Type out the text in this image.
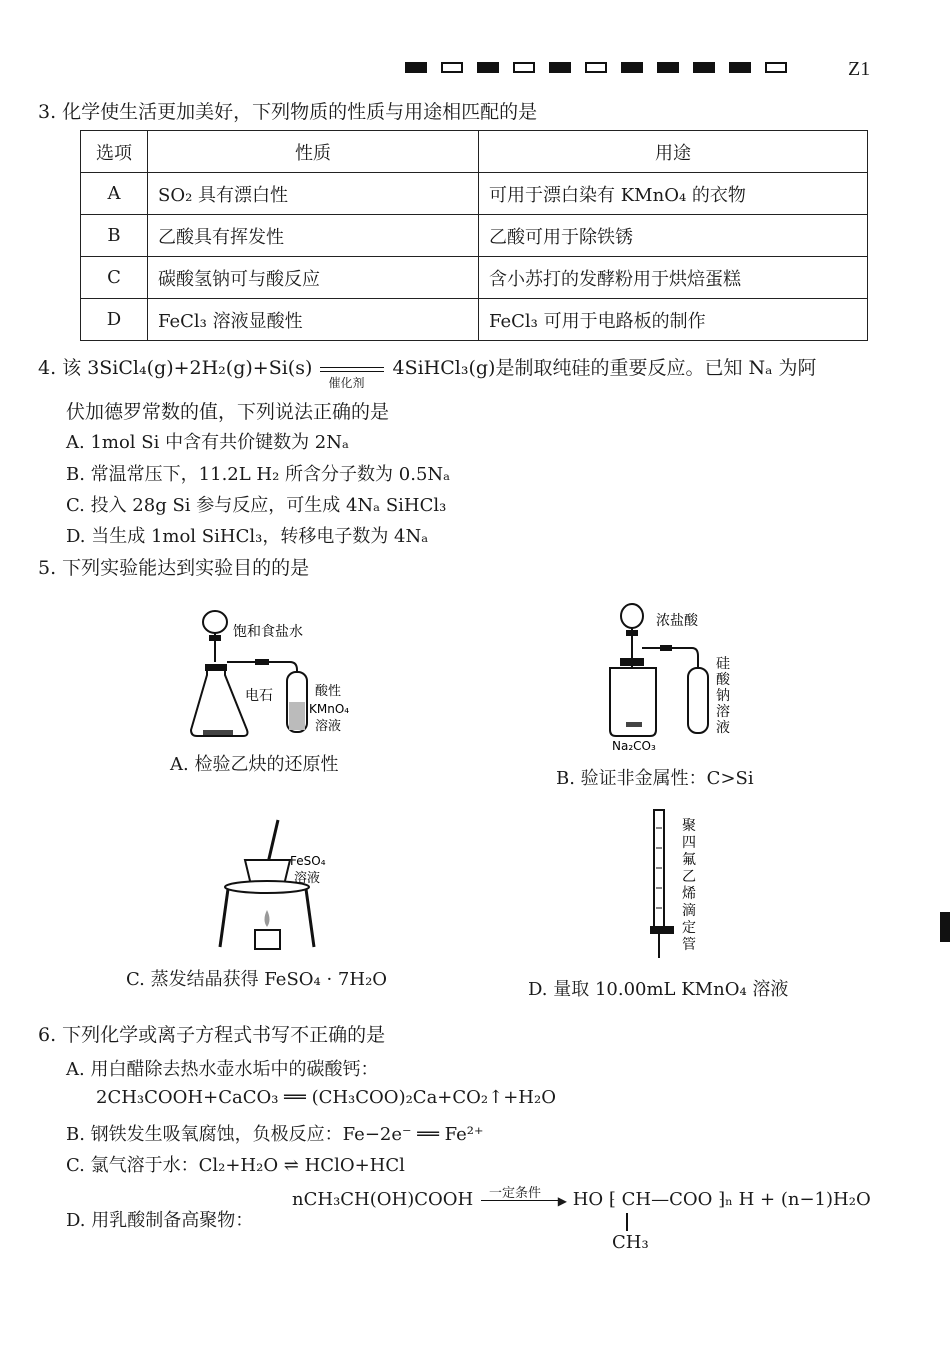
Z1
3. 化学使生活更加美好，下列物质的性质与用途相匹配的是
选项	性质	用途
A	SO₂ 具有漂白性	可用于漂白染有 KMnO₄ 的衣物
B	乙酸具有挥发性	乙酸可用于除铁锈
C	碳酸氢钠可与酸反应	含小苏打的发酵粉用于烘焙蛋糕
D	FeCl₃ 溶液显酸性	FeCl₃ 可用于电路板的制作
4. 该 3SiCl₄(g)+2H₂(g)+Si(s)
催化剂
4SiHCl₃(g)是制取纯硅的重要反应。已知 Nₐ 为阿
伏加德罗常数的值，下列说法正确的是
A. 1mol Si 中含有共价键数为 2Nₐ
B. 常温常压下，11.2L H₂ 所含分子数为 0.5Nₐ
C. 投入 28g Si 参与反应，可生成 4Nₐ SiHCl₃
D. 当生成 1mol SiHCl₃，转移电子数为 4Nₐ
5. 下列实验能达到实验目的的是
饱和食盐水
电石	酸性
KMnO₄
溶液
A. 检验乙炔的还原性
浓盐酸
硅
酸
钠
溶
液
Na₂CO₃
B. 验证非金属性：C>Si
FeSO₄
溶液
C. 蒸发结晶获得 FeSO₄ · 7H₂O
聚
四
氟
乙
烯
滴
定
管
D. 量取 10.00mL KMnO₄ 溶液
6. 下列化学或离子方程式书写不正确的是
A. 用白醋除去热水壶水垢中的碳酸钙：
2CH₃COOH+CaCO₃ ══ (CH₃COO)₂Ca+CO₂↑+H₂O
B. 钢铁发生吸氧腐蚀，负极反应：Fe−2e⁻ ══ Fe²⁺
C. 氯气溶于水：Cl₂+H₂O ⇌ HClO+HCl
D. 用乳酸制备高聚物：
nCH₃CH(OH)COOH 一定条件 ▶ HO ⁅ CH—COO ⁆ₙ H + (n−1)H₂O
CH₃
